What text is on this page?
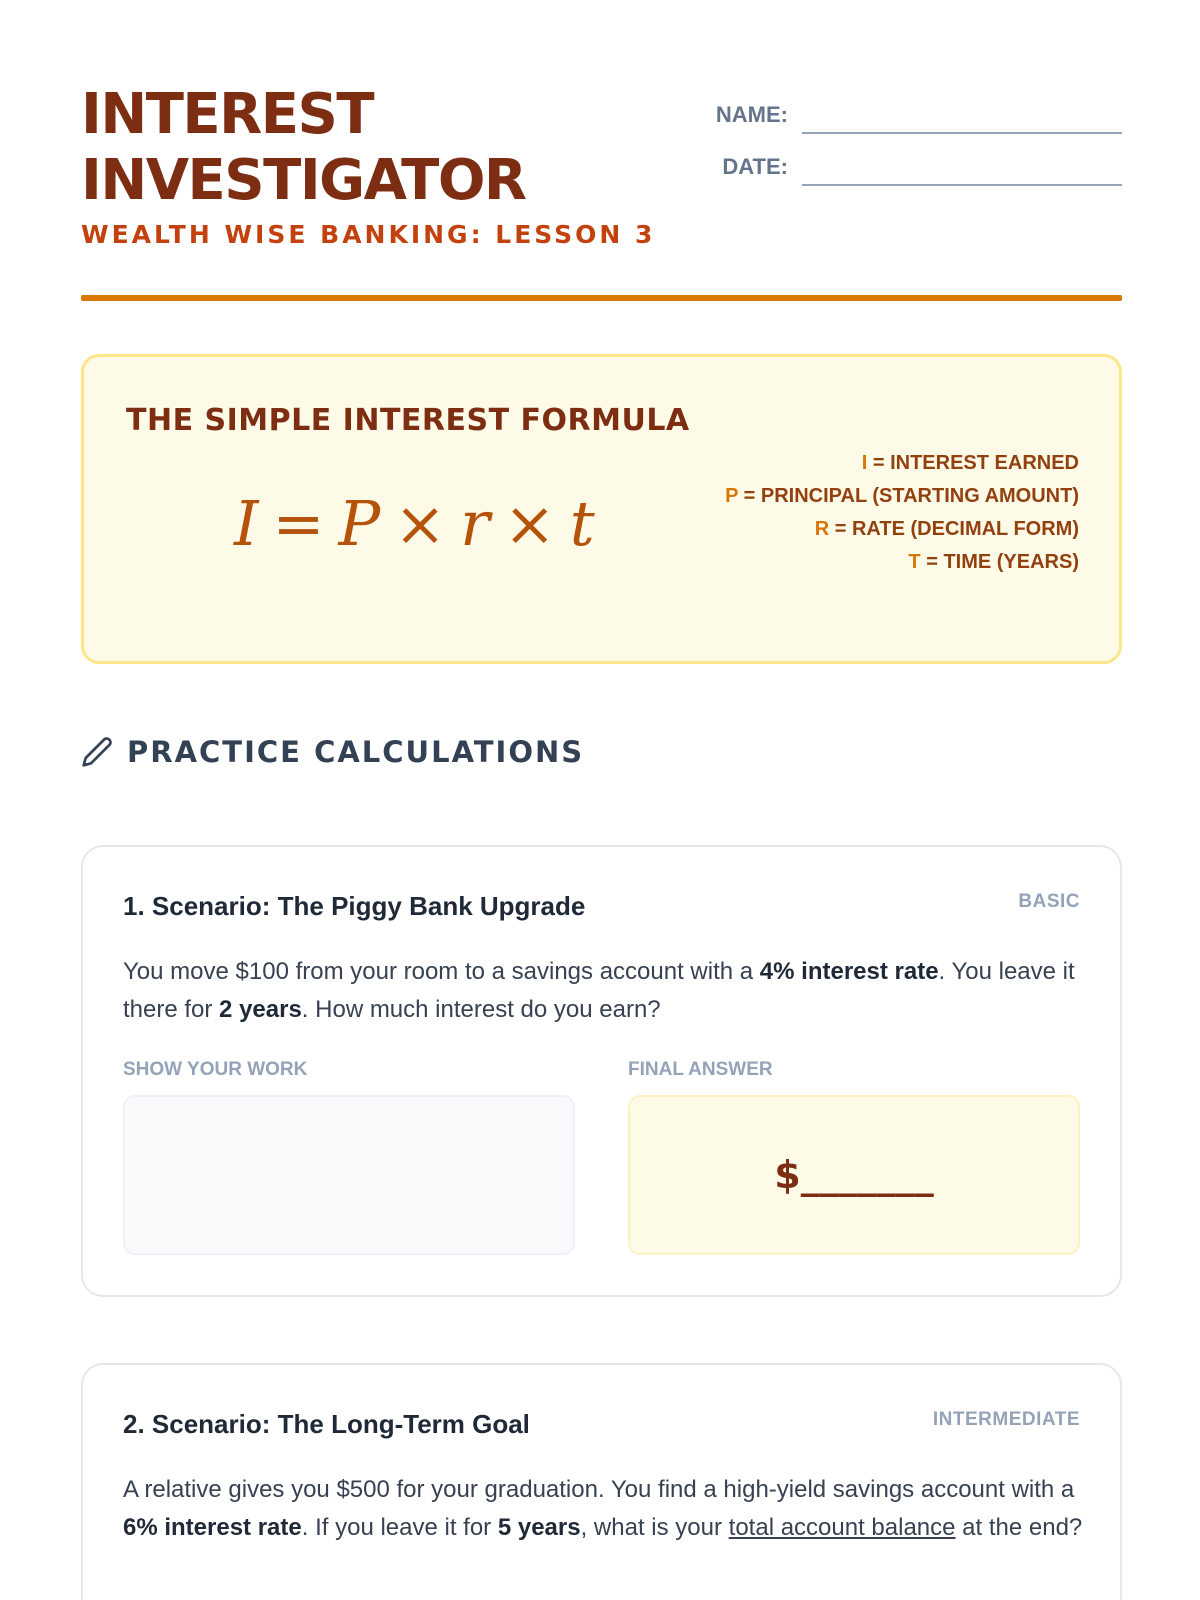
INTEREST
INVESTIGATOR
WEALTH WISE BANKING: LESSON 3
NAME:
DATE:
THE SIMPLE INTEREST FORMULA
I = P × r × t
I = INTEREST EARNED
P = PRINCIPAL (STARTING AMOUNT)
R = RATE (DECIMAL FORM)
T = TIME (YEARS)
PRACTICE CALCULATIONS
1. Scenario: The Piggy Bank Upgrade	BASIC
You move $100 from your room to a savings account with a 4% interest rate. You leave it there for 2 years. How much interest do you earn?
SHOW YOUR WORK	FINAL ANSWER
$_______
2. Scenario: The Long-Term Goal	INTERMEDIATE
A relative gives you $500 for your graduation. You find a high-yield savings account with a 6% interest rate. If you leave it for 5 years, what is your total account balance at the end?
